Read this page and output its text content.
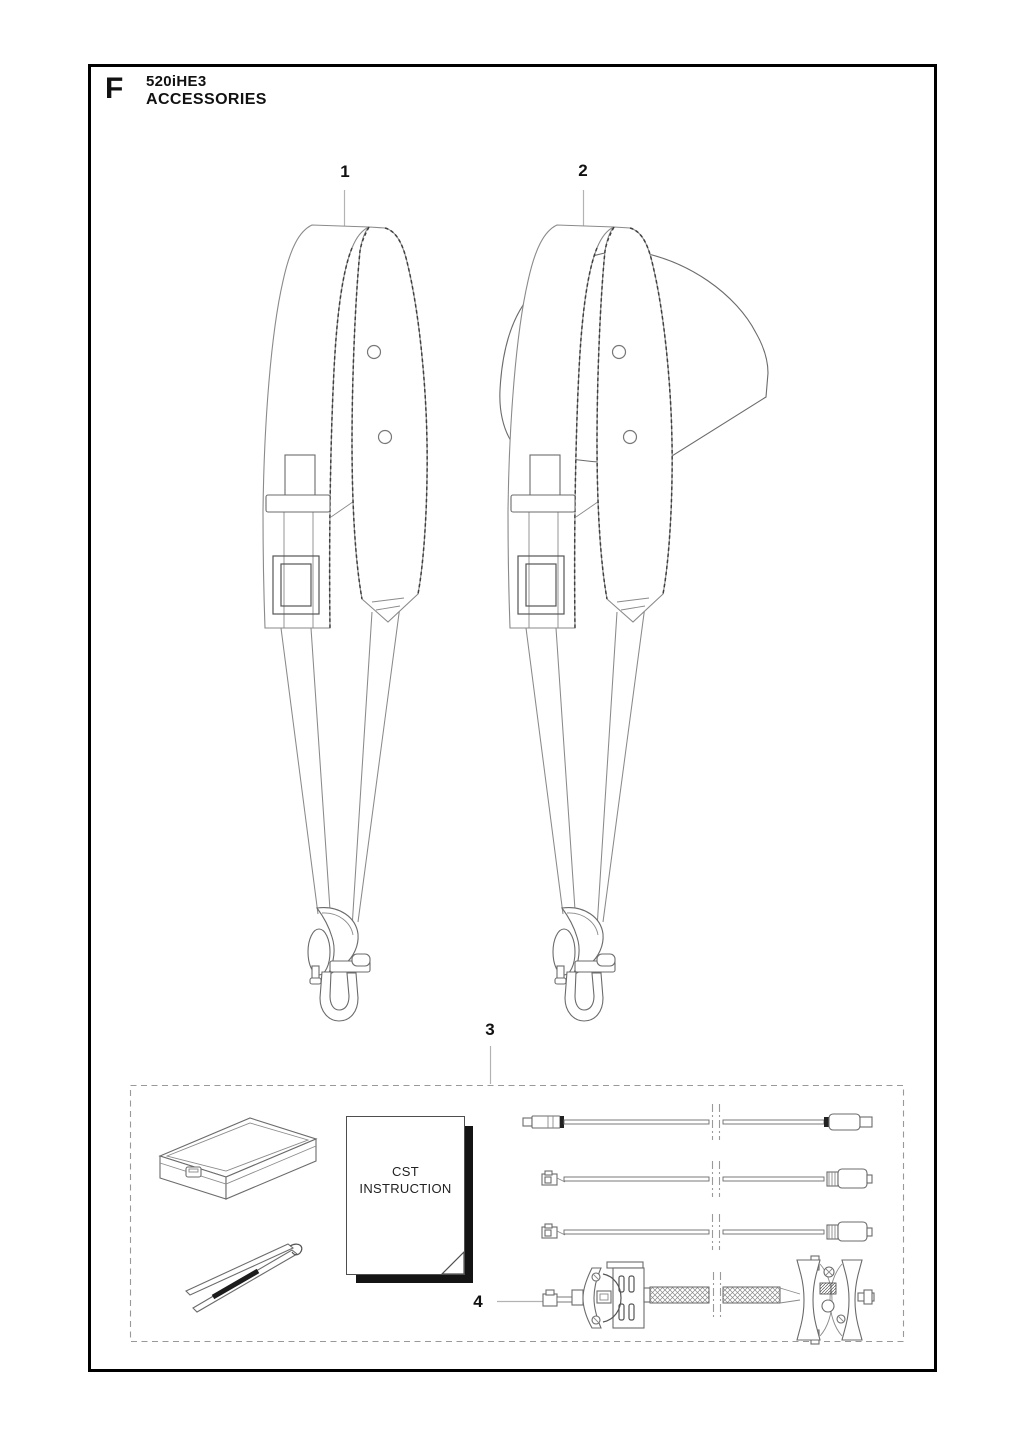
F 520iHE3
ACCESSORIES
1	2
3
4
CST
INSTRUCTION
